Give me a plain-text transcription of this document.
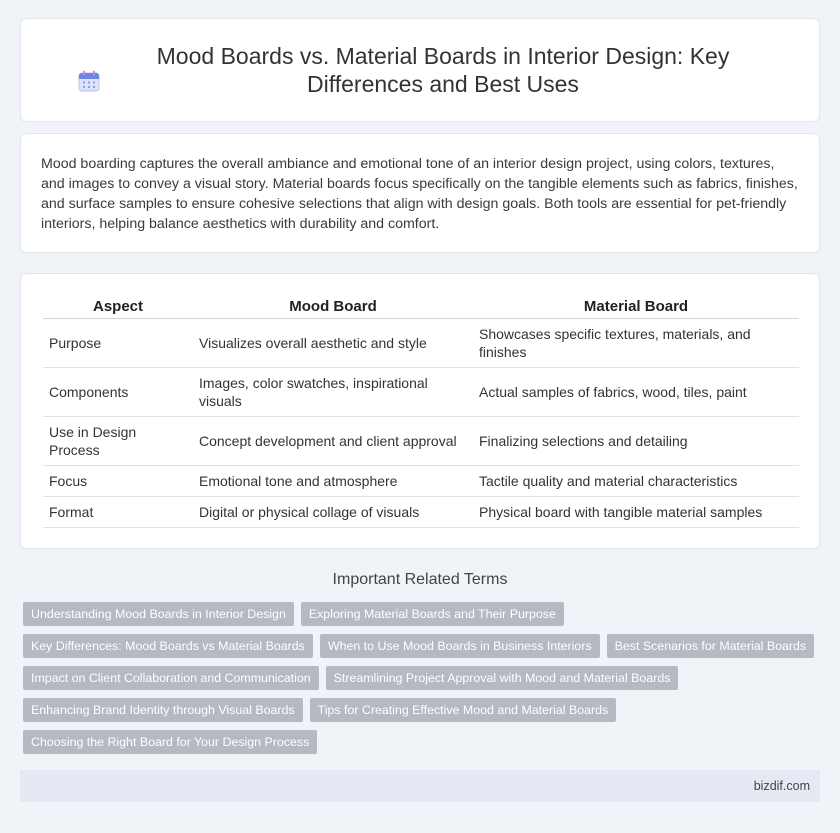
Mood Boards vs. Material Boards in Interior Design: Key Differences and Best Uses

Mood boarding captures the overall ambiance and emotional tone of an interior design project, using colors, textures, and images to convey a visual story. Material boards focus specifically on the tangible elements such as fabrics, finishes, and surface samples to ensure cohesive selections that align with design goals. Both tools are essential for pet-friendly interiors, helping balance aesthetics with durability and comfort.

Aspect	Mood Board	Material Board
Purpose	Visualizes overall aesthetic and style	Showcases specific textures, materials, and finishes
Components	Images, color swatches, inspirational visuals	Actual samples of fabrics, wood, tiles, paint
Use in Design Process	Concept development and client approval	Finalizing selections and detailing
Focus	Emotional tone and atmosphere	Tactile quality and material characteristics
Format	Digital or physical collage of visuals	Physical board with tangible material samples
Important Related Terms
Understanding Mood Boards in Interior Design	Exploring Material Boards and Their Purpose
Key Differences: Mood Boards vs Material Boards	When to Use Mood Boards in Business Interiors	Best Scenarios for Material Boards
Impact on Client Collaboration and Communication	Streamlining Project Approval with Mood and Material Boards
Enhancing Brand Identity through Visual Boards	Tips for Creating Effective Mood and Material Boards
Choosing the Right Board for Your Design Process
bizdif.com
